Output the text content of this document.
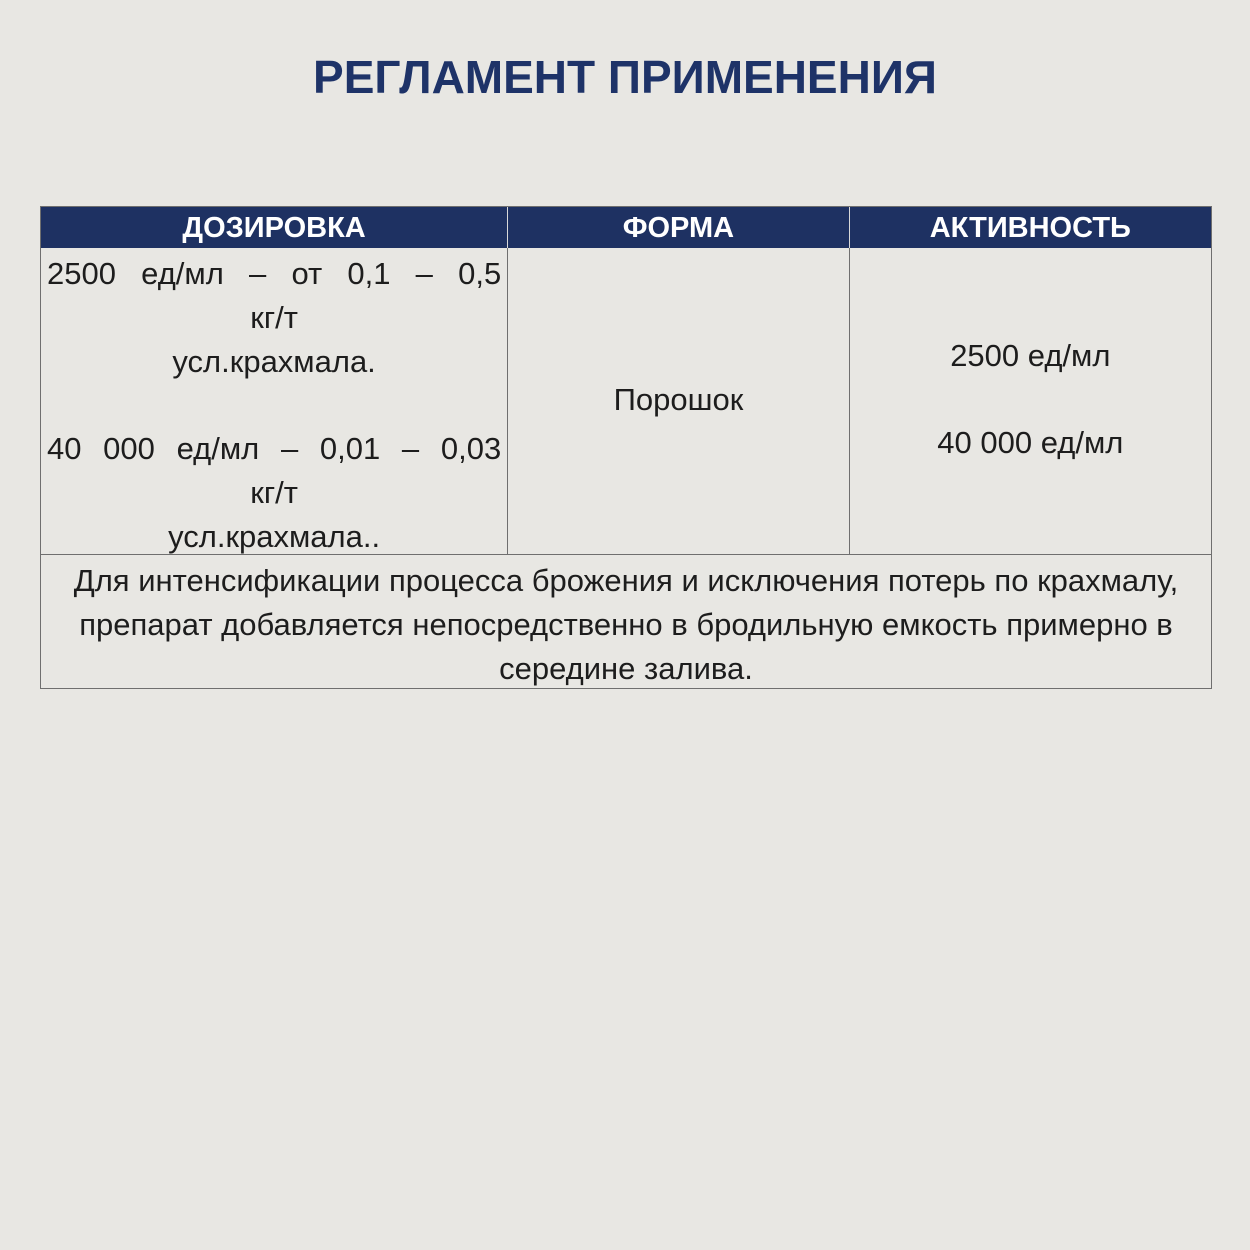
РЕГЛАМЕНТ ПРИМЕНЕНИЯ
ДОЗИРОВКА	ФОРМА	АКТИВНОСТЬ
2500 ед/мл – от 0,1 – 0,5
кг/т
усл.крахмала.
40 000 ед/мл – 0,01 – 0,03
кг/т
усл.крахмала..
Порошок
2500 ед/мл
40 000 ед/мл
Для интенсификации процесса брожения и исключения потерь по крахмалу, препарат добавляется непосредственно в бродильную емкость примерно в середине залива.
